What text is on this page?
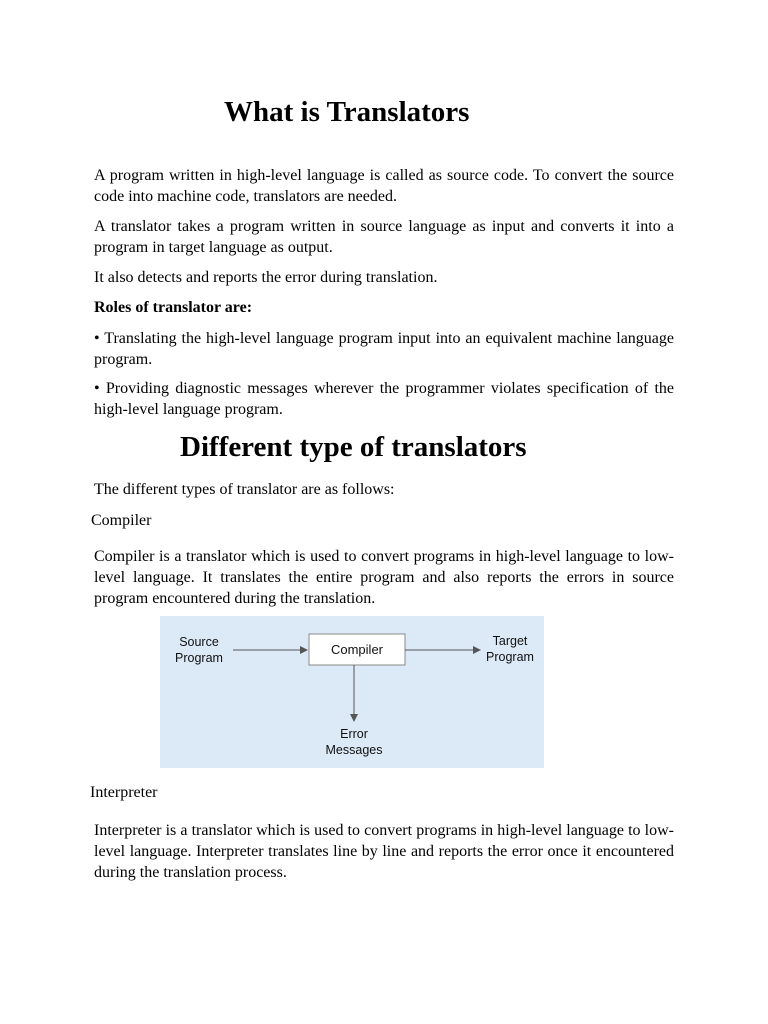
What is Translators
A program written in high-level language is called as source code. To convert the source code into machine code, translators are needed.
It also detects and reports the error during translation.
A translator takes a program written in source language as input and converts it into a program in target language as output.
Roles of translator are:
• Translating the high-level language program input into an equivalent machine language program.
• Providing diagnostic messages wherever the programmer violates specification of the high-level language program.
Different type of translators
The different types of translator are as follows:
Compiler
Compiler is a translator which is used to convert programs in high-level language to low-level language. It translates the entire program and also reports the errors in source program encountered during the translation.
Compiler
Source
Program
Target
Program
Error
Messages
Interpreter
Interpreter is a translator which is used to convert programs in high-level language to low-level language. Interpreter translates line by line and reports the error once it encountered during the translation process.
